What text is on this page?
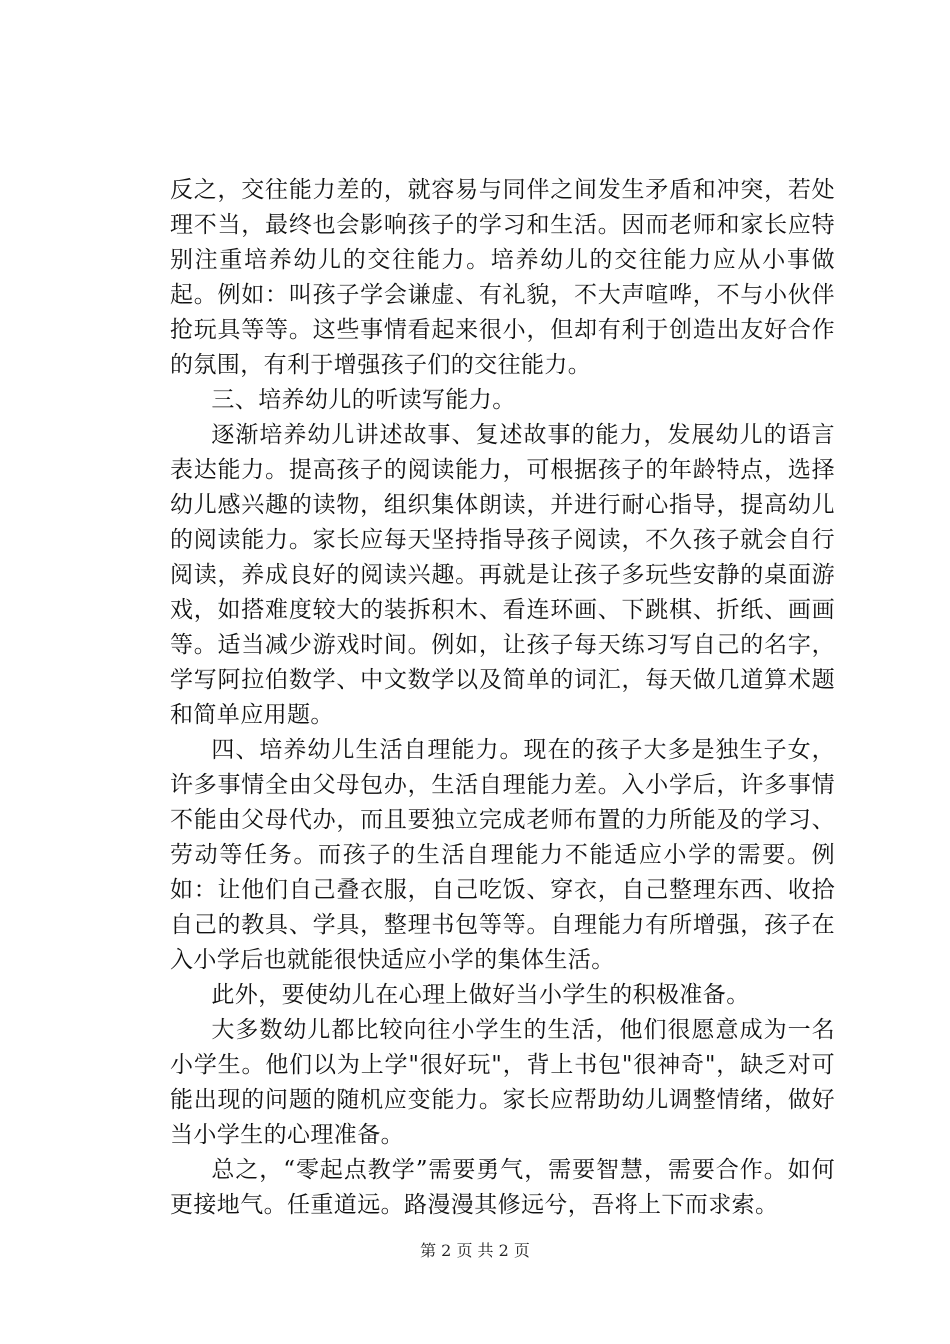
反之，交往能力差的，就容易与同伴之间发生矛盾和冲突，若处理不当，最终也会影响孩子的学习和生活。因而老师和家长应特别注重培养幼儿的交往能力。培养幼儿的交往能力应从小事做起。例如：叫孩子学会谦虚、有礼貌，不大声喧哗，不与小伙伴抢玩具等等。这些事情看起来很小，但却有利于创造出友好合作的氛围，有利于增强孩子们的交往能力。

三、培养幼儿的听读写能力。

逐渐培养幼儿讲述故事、复述故事的能力，发展幼儿的语言表达能力。提高孩子的阅读能力，可根据孩子的年龄特点，选择幼儿感兴趣的读物，组织集体朗读，并进行耐心指导，提高幼儿的阅读能力。家长应每天坚持指导孩子阅读，不久孩子就会自行阅读，养成良好的阅读兴趣。再就是让孩子多玩些安静的桌面游戏，如搭难度较大的装拆积木、看连环画、下跳棋、折纸、画画等。适当减少游戏时间。例如，让孩子每天练习写自己的名字，学写阿拉伯数学、中文数学以及简单的词汇，每天做几道算术题和简单应用题。

四、培养幼儿生活自理能力。现在的孩子大多是独生子女，许多事情全由父母包办，生活自理能力差。入小学后，许多事情不能由父母代办，而且要独立完成老师布置的力所能及的学习、劳动等任务。而孩子的生活自理能力不能适应小学的需要。例如：让他们自己叠衣服，自己吃饭、穿衣，自己整理东西、收拾自己的教具、学具，整理书包等等。自理能力有所增强，孩子在入小学后也就能很快适应小学的集体生活。

此外，要使幼儿在心理上做好当小学生的积极准备。

大多数幼儿都比较向往小学生的生活，他们很愿意成为一名小学生。他们以为上学"很好玩"，背上书包"很神奇"，缺乏对可能出现的问题的随机应变能力。家长应帮助幼儿调整情绪，做好当小学生的心理准备。

总之，“零起点教学”需要勇气，需要智慧，需要合作。如何更接地气。任重道远。路漫漫其修远兮，吾将上下而求索。

第 2 页 共 2 页
